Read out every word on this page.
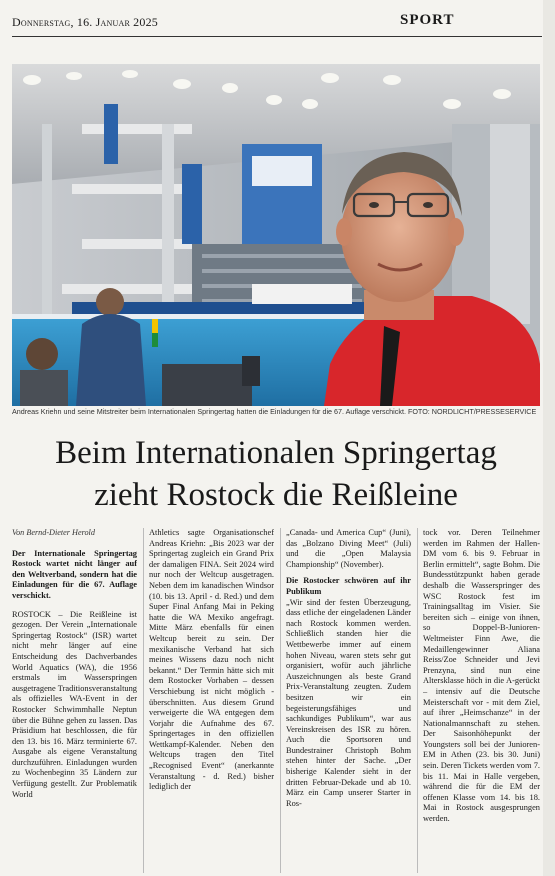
Donnerstag, 16. Januar 2025	SPORT
Andreas Kriehn und seine Mitstreiter beim Internationalen Springertag hatten die Einladungen für die 67. Auflage verschickt. FOTO: NORDLICHT/PRESSESERVICE
Beim Internationalen Springertag
zieht Rostock die Reißleine

Von Bernd-Dieter Herold

Der Internationale Springertag Rostock wartet nicht länger auf den Weltverband, sondern hat die Einladungen für die 67. Auflage verschickt.

ROSTOCK – Die Reißleine ist gezogen. Der Verein „Internationale Springertag Rostock“ (ISR) wartet nicht mehr länger auf eine Entscheidung des Dachverbandes World Aquatics (WA), die 1956 erstmals im Wasserspringen ausgetragene Traditionsveranstaltung als offizielles WA-Event in der Rostocker Schwimmhalle Neptun über die Bühne gehen zu lassen. Das Präsidium hat beschlossen, die für den 13. bis 16. März terminierte 67. Ausgabe als eigene Veranstaltung durchzuführen. Einladungen wurden zu Wochenbeginn 35 Ländern zur Verfügung gestellt. Zur Problematik World

Athletics sagte Organisationschef Andreas Kriehn: „Bis 2023 war der Springertag zugleich ein Grand Prix der damaligen FINA. Seit 2024 wird nur noch der Weltcup ausgetragen. Neben dem im kanadischen Windsor (10. bis 13. April - d. Red.) und dem Super Final Anfang Mai in Peking hatte die WA Mexiko angefragt. Mitte März ebenfalls für einen Weltcup bereit zu sein. Der mexikanische Verband hat sich meines Wissens dazu noch nicht bekannt.“ Der Termin hätte sich mit dem Rostocker Vorhaben – dessen Verschiebung ist nicht möglich - überschnitten. Aus diesem Grund verweigerte die WA entgegen dem Vorjahr die Aufnahme des 67. Springertages in den offiziellen Wettkampf-Kalender. Neben den Weltcups tragen den Titel „Recognised Event“ (anerkannte Veranstaltung - d. Red.) bisher lediglich der

„Canada- und America Cup“ (Juni), das „Bolzano Diving Meet“ (Juli) und die „Open Malaysia Championship“ (November).

Die Rostocker schwören auf ihr Publikum

„Wir sind der festen Überzeugung, dass etliche der eingeladenen Länder nach Rostock kommen werden. Schließlich standen hier die Wettbewerbe immer auf einem hohen Niveau, waren stets sehr gut organisiert, wofür auch jährliche Auszeichnungen als beste Grand Prix-Veranstaltung zeugten. Zudem besitzen wir ein begeisterungsfähiges und sachkundiges Publikum“, war aus Vereinskreisen des ISR zu hören. Auch die Sportsoren und Bundestrainer Christoph Bohm stehen hinter der Sache. „Der bisherige Kalender sieht in der dritten Februar-Dekade und ab 10. März ein Camp unserer Starter in Ros-

tock vor. Deren Teilnehmer werden im Rahmen der Hallen-DM vom 6. bis 9. Februar in Berlin ermittelt“, sagte Bohm. Die Bundesstützpunkt haben gerade deshalb die Wasserspringer des WSC Rostock fest im Trainingsalltag im Visier. Sie bereiten sich – einige von ihnen, so Doppel-B-Junioren-Weltmeister Finn Awe, die Medaillengewinner Aliana Reiss/Zoe Schneider und Jevi Prenzyna, sind nun eine Altersklasse höch in die A-gerückt – intensiv auf die Deutsche Meisterschaft vor - mit dem Ziel, auf ihrer „Heimschanze“ in der Nationalmannschaft zu stehen. Der Saisonhöhepunkt der Youngsters soll bei der Junioren-EM in Athen (23. bis 30. Juni) sein. Deren Tickets werden vom 7. bis 11. Mai in Halle vergeben, während die für die EM der offenen Klasse vom 14. bis 18. Mai in Rostock ausgesprungen werden.
